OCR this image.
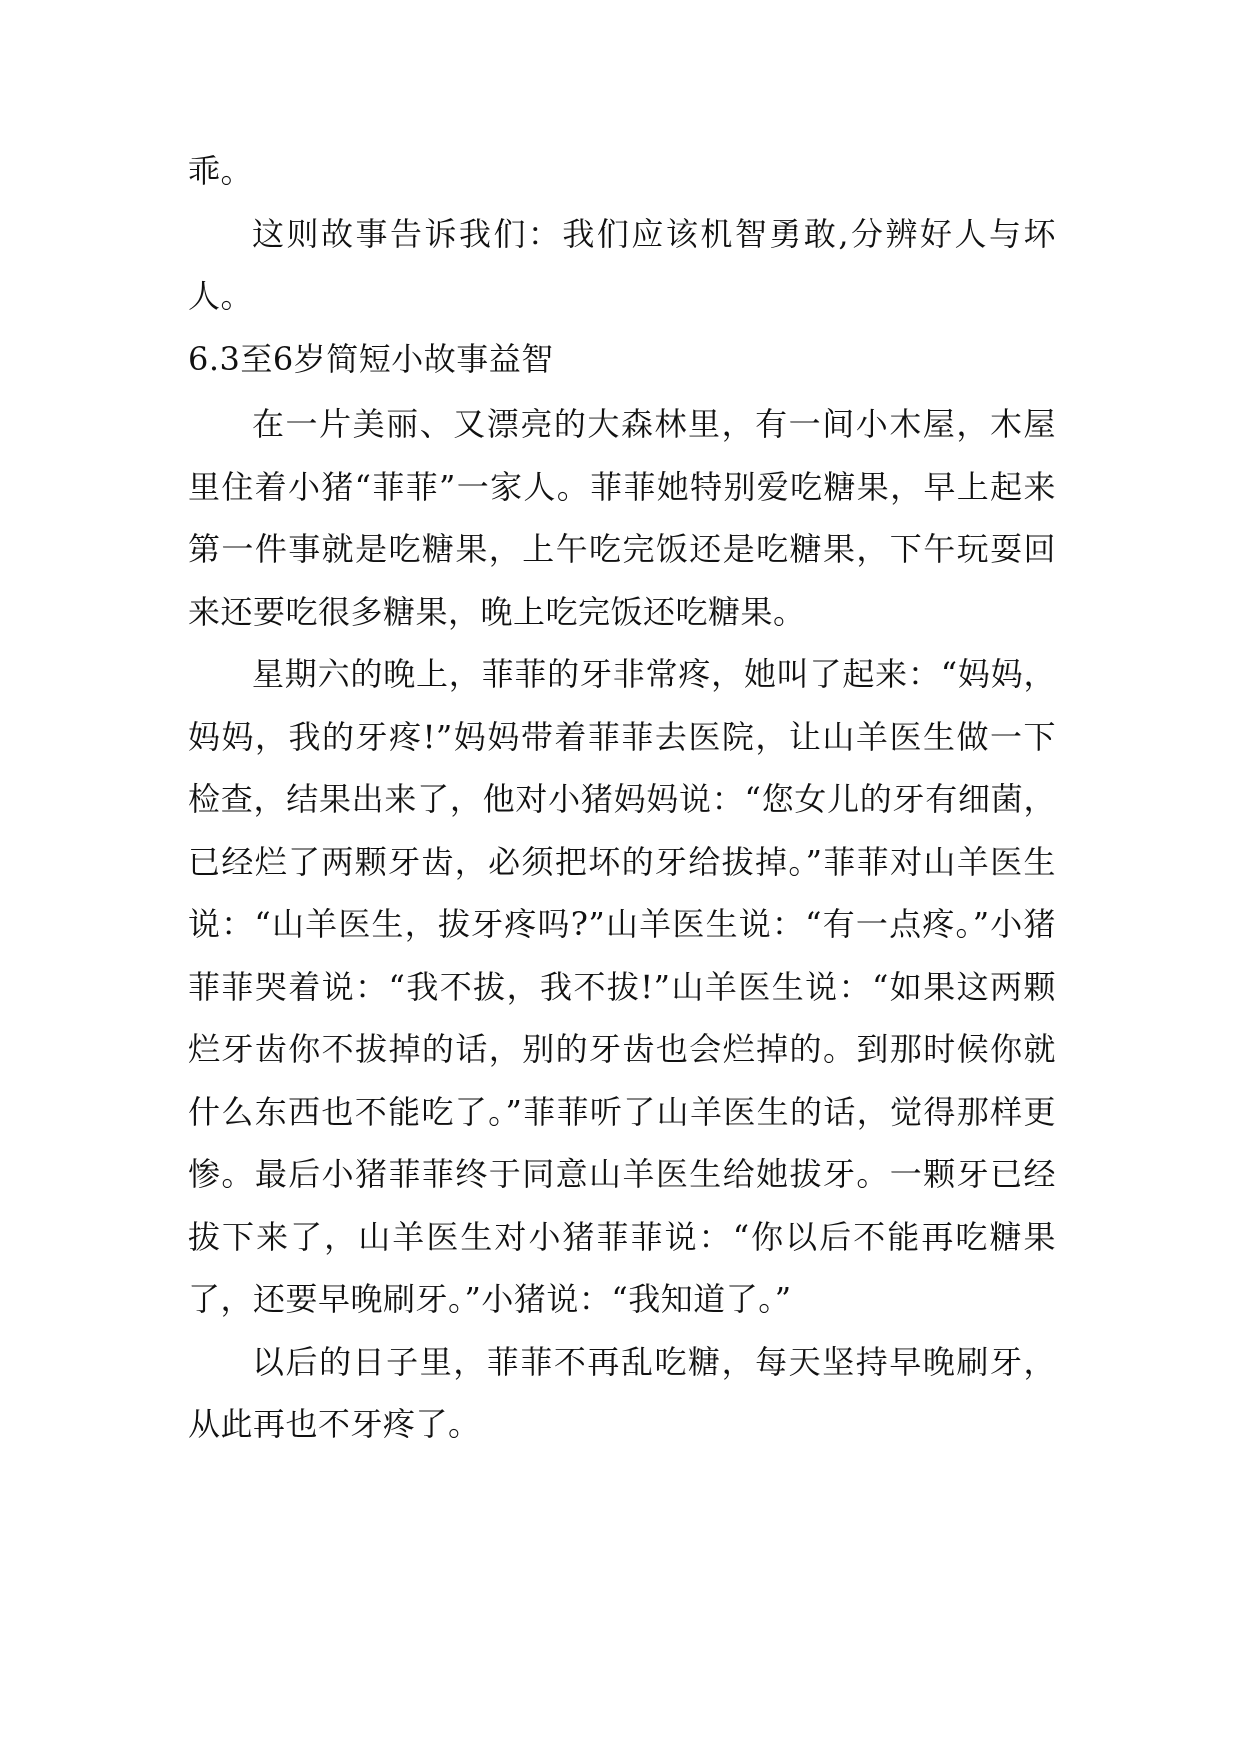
乖。

这则故事告诉我们：我们应该机智勇敢,分辨好人与坏人。

6.3至6岁简短小故事益智

在一片美丽、又漂亮的大森林里，有一间小木屋，木屋里住着小猪“菲菲”一家人。菲菲她特别爱吃糖果，早上起来第一件事就是吃糖果，上午吃完饭还是吃糖果，下午玩耍回来还要吃很多糖果，晚上吃完饭还吃糖果。

星期六的晚上，菲菲的牙非常疼，她叫了起来：“妈妈，妈妈，我的牙疼!”妈妈带着菲菲去医院，让山羊医生做一下检查，结果出来了，他对小猪妈妈说：“您女儿的牙有细菌，已经烂了两颗牙齿，必须把坏的牙给拔掉。”菲菲对山羊医生说：“山羊医生，拔牙疼吗?”山羊医生说：“有一点疼。”小猪菲菲哭着说：“我不拔，我不拔!”山羊医生说：“如果这两颗烂牙齿你不拔掉的话，别的牙齿也会烂掉的。到那时候你就什么东西也不能吃了。”菲菲听了山羊医生的话，觉得那样更惨。最后小猪菲菲终于同意山羊医生给她拔牙。一颗牙已经拔下来了，山羊医生对小猪菲菲说：“你以后不能再吃糖果了，还要早晚刷牙。”小猪说：“我知道了。”

以后的日子里，菲菲不再乱吃糖，每天坚持早晚刷牙，从此再也不牙疼了。
